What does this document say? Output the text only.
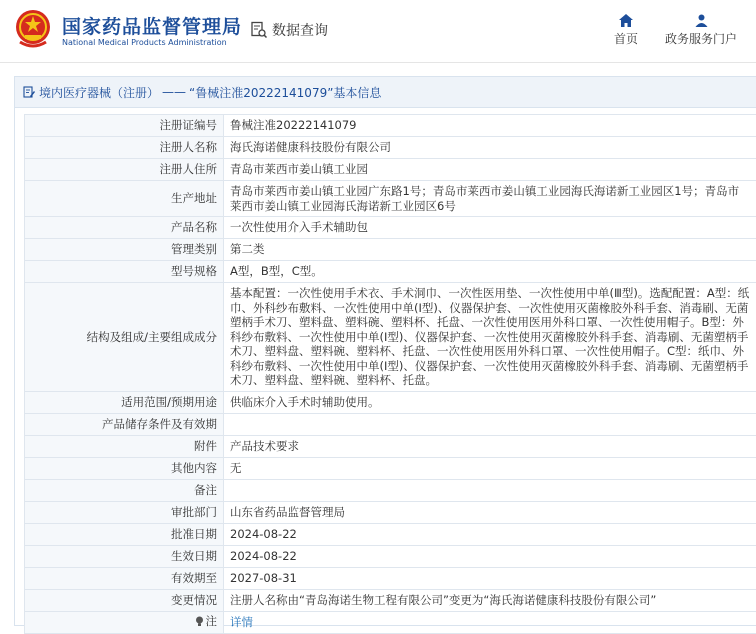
国家药品监督管理局
National Medical Products Administration
数据查询	首页	政务服务门户
境内医疗器械（注册） —— “鲁械注准20222141079”基本信息
注册证编号	鲁械注准20222141079
注册人名称	海氏海诺健康科技股份有限公司
注册人住所	青岛市莱西市姜山镇工业园
生产地址	青岛市莱西市姜山镇工业园广东路1号；青岛市莱西市姜山镇工业园海氏海诺新工业园区1号；青岛市莱西市姜山镇工业园海氏海诺新工业园区6号
产品名称	一次性使用介入手术辅助包
管理类别	第二类
型号规格	A型，B型，C型。
结构及组成/主要组成成分	基本配置：一次性使用手术衣、手术洞巾、一次性医用垫、一次性使用中单(Ⅲ型)。选配配置：A型：纸巾、外科纱布敷料、一次性使用中单(Ⅰ型)、仪器保护套、一次性使用灭菌橡胶外科手套、消毒刷、无菌塑柄手术刀、塑料盘、塑料碗、塑料杯、托盘、一次性使用医用外科口罩、一次性使用帽子。B型：外科纱布敷料、一次性使用中单(Ⅰ型)、仪器保护套、一次性使用灭菌橡胶外科手套、消毒刷、无菌塑柄手术刀、塑料盘、塑料碗、塑料杯、托盘、一次性使用医用外科口罩、一次性使用帽子。C型：纸巾、外科纱布敷料、一次性使用中单(Ⅰ型)、仪器保护套、一次性使用灭菌橡胶外科手套、消毒刷、无菌塑柄手术刀、塑料盘、塑料碗、塑料杯、托盘。
适用范围/预期用途	供临床介入手术时辅助使用。
产品储存条件及有效期	
附件	产品技术要求
其他内容	无
备注	
审批部门	山东省药品监督管理局
批准日期	2024-08-22
生效日期	2024-08-22
有效期至	2027-08-31
变更情况	注册人名称由“青岛海诺生物工程有限公司”变更为“海氏海诺健康科技股份有限公司”

注	详情
